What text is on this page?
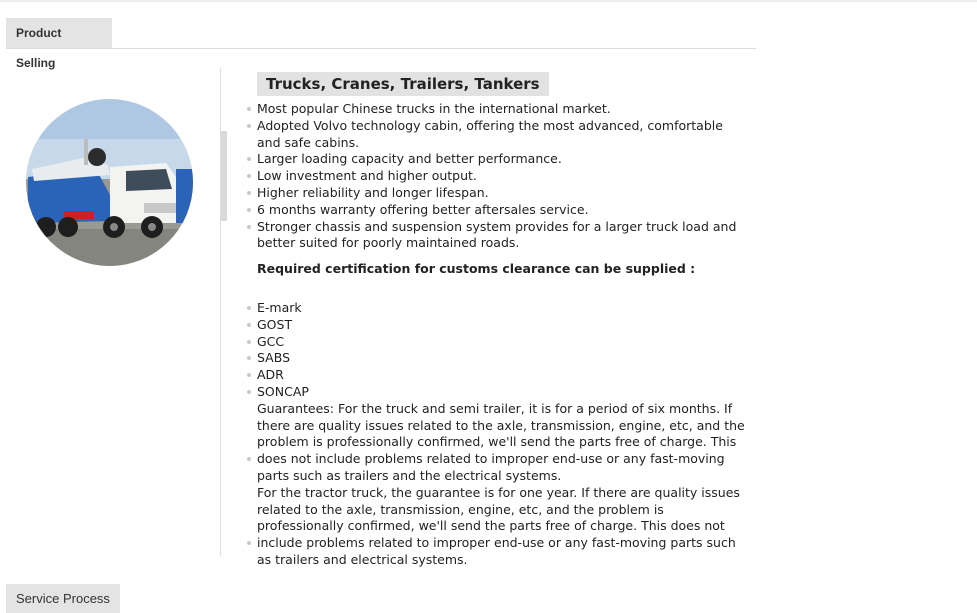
Product Selling
Trucks, Cranes, Trailers, Tankers
Most popular Chinese trucks in the international market.
Adopted Volvo technology cabin, offering the most advanced, comfortable and safe cabins.
Larger loading capacity and better performance.
Low investment and higher output.
Higher reliability and longer lifespan.
6 months warranty offering better aftersales service.
Stronger chassis and suspension system provides for a larger truck load and better suited for poorly maintained roads.
Required certification for customs clearance can be supplied :
E-mark
GOST
GCC
SABS
ADR
SONCAP
Guarantees: For the truck and semi trailer, it is for a period of six months. If there are quality issues related to the axle, transmission, engine, etc, and the problem is professionally confirmed, we'll send the parts free of charge. This does not include problems related to improper end-use or any fast-moving parts such as trailers and the electrical systems.
For the tractor truck, the guarantee is for one year. If there are quality issues related to the axle, transmission, engine, etc, and the problem is professionally confirmed, we'll send the parts free of charge. This does not include problems related to improper end-use or any fast-moving parts such as trailers and electrical systems.
Service Process
